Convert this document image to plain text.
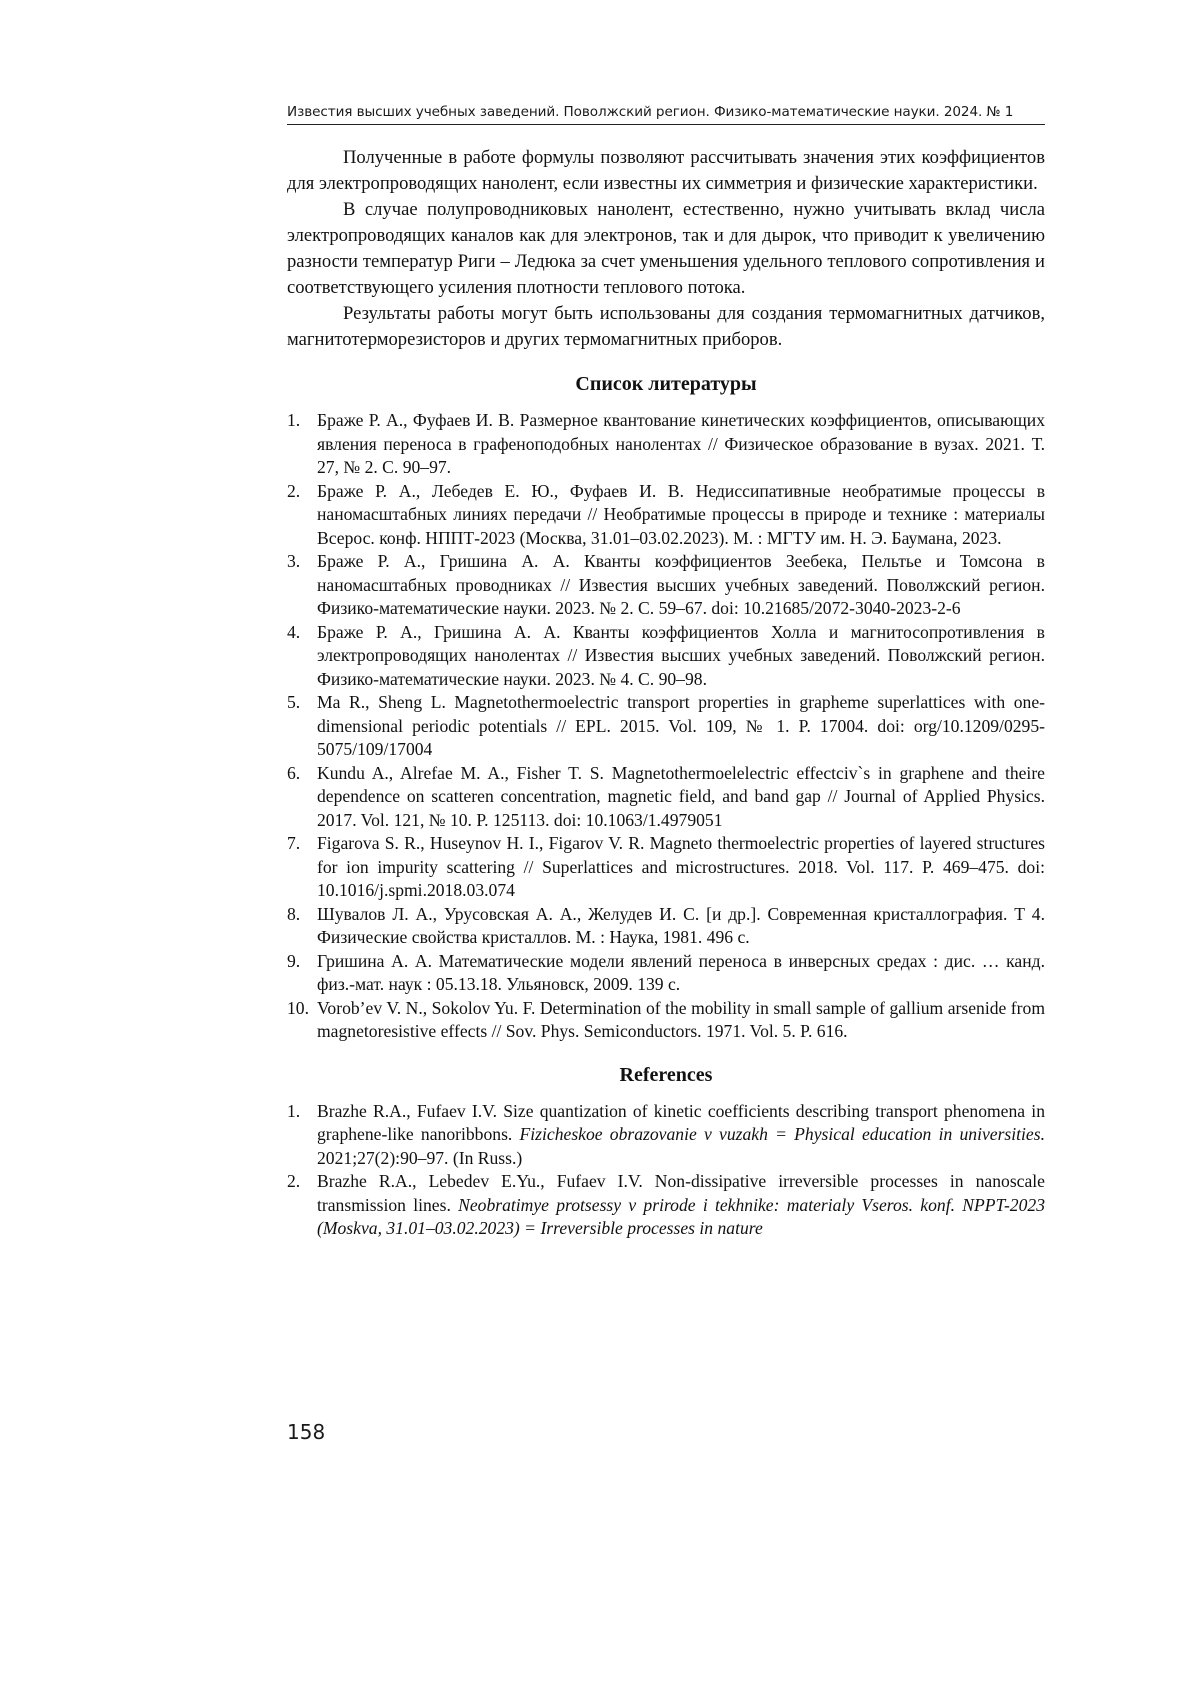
Известия высших учебных заведений. Поволжский регион. Физико-математические науки. 2024. № 1

Полученные в работе формулы позволяют рассчитывать значения этих коэффициентов для электропроводящих нанолент, если известны их симметрия и физические характеристики.

В случае полупроводниковых нанолент, естественно, нужно учитывать вклад числа электропроводящих каналов как для электронов, так и для дырок, что приводит к увеличению разности температур Риги – Ледюка за счет уменьшения удельного теплового сопротивления и соответствующего усиления плотности теплового потока.

Результаты работы могут быть использованы для создания термомагнитных датчиков, магнитотерморезисторов и других термомагнитных приборов.

Список литературы
1. Браже Р. А., Фуфаев И. В. Размерное квантование кинетических коэффициентов, описывающих явления переноса в графеноподобных нанолентах // Физическое образование в вузах. 2021. Т. 27, № 2. С. 90–97.
2. Браже Р. А., Лебедев Е. Ю., Фуфаев И. В. Недиссипативные необратимые процессы в наномасштабных линиях передачи // Необратимые процессы в природе и технике : материалы Всерос. конф. НППТ-2023 (Москва, 31.01–03.02.2023). М. : МГТУ им. Н. Э. Баумана, 2023.
3. Браже Р. А., Гришина А. А. Кванты коэффициентов Зеебека, Пельтье и Томсона в наномасштабных проводниках // Известия высших учебных заведений. Поволжский регион. Физико-математические науки. 2023. № 2. С. 59–67. doi: 10.21685/2072-3040-2023-2-6
4. Браже Р. А., Гришина А. А. Кванты коэффициентов Холла и магнитосопротивления в электропроводящих нанолентах // Известия высших учебных заведений. Поволжский регион. Физико-математические науки. 2023. № 4. С. 90–98.
5. Ma R., Sheng L. Magnetothermoelectric transport properties in grapheme superlattices with one-dimensional periodic potentials // EPL. 2015. Vol. 109, № 1. P. 17004. doi: org/10.1209/0295-5075/109/17004
6. Kundu A., Alrefae M. A., Fisher T. S. Magnetothermoelelectric effectciv`s in graphene and theire dependence on scatteren concentration, magnetic field, and band gap // Journal of Applied Physics. 2017. Vol. 121, № 10. P. 125113. doi: 10.1063/1.4979051
7. Figarova S. R., Huseynov H. I., Figarov V. R. Magneto thermoelectric properties of layered structures for ion impurity scattering // Superlattices and microstructures. 2018. Vol. 117. P. 469–475. doi: 10.1016/j.spmi.2018.03.074
8. Шувалов Л. А., Урусовская А. А., Желудев И. С. [и др.]. Современная кристаллография. Т 4. Физические свойства кристаллов. М. : Наука, 1981. 496 с.
9. Гришина А. А. Математические модели явлений переноса в инверсных средах : дис. … канд. физ.-мат. наук : 05.13.18. Ульяновск, 2009. 139 с.
10. Vorob’ev V. N., Sokolov Yu. F. Determination of the mobility in small sample of gallium arsenide from magnetoresistive effects // Sov. Phys. Semiconductors. 1971. Vol. 5. P. 616.
References
1. Brazhe R.A., Fufaev I.V. Size quantization of kinetic coefficients describing transport phenomena in graphene-like nanoribbons. Fizicheskoe obrazovanie v vuzakh = Physical education in universities. 2021;27(2):90–97. (In Russ.)
2. Brazhe R.A., Lebedev E.Yu., Fufaev I.V. Non-dissipative irreversible processes in nanoscale transmission lines. Neobratimye protsessy v prirode i tekhnike: materialy Vseros. konf. NPPT-2023 (Moskva, 31.01–03.02.2023) = Irreversible processes in nature
158
